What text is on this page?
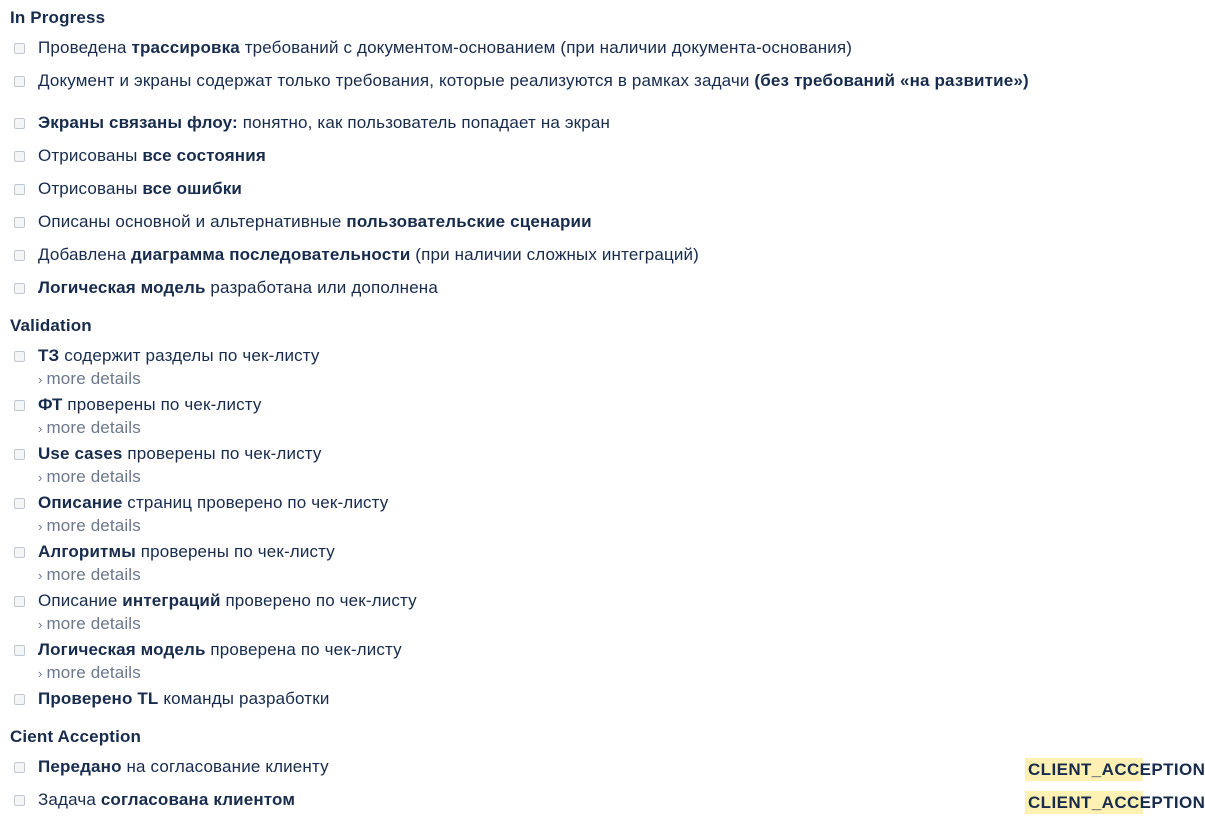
In Progress
Проведена трассировка требований с документом-основанием (при наличии документа-основания)
Документ и экраны содержат только требования, которые реализуются в рамках задачи (без требований «на развитие»)
Экраны связаны флоу: понятно, как пользователь попадает на экран
Отрисованы все состояния
Отрисованы все ошибки
Описаны основной и альтернативные пользовательские сценарии
Добавлена диаграмма последовательности (при наличии сложных интеграций)
Логическая модель разработана или дополнена
Validation
ТЗ содержит разделы по чек-листу
› more details
ФТ проверены по чек-листу
› more details
Use cases проверены по чек-листу
› more details
Описание страниц проверено по чек-листу
› more details
Алгоритмы проверены по чек-листу
› more details
Описание интеграций проверено по чек-листу
› more details
Логическая модель проверена по чек-листу
› more details
Проверено TL команды разработки
Cient Acception
Передано на согласование клиенту	CLIENT_ACCEPTION
Задача согласована клиентом	CLIENT_ACCEPTION
